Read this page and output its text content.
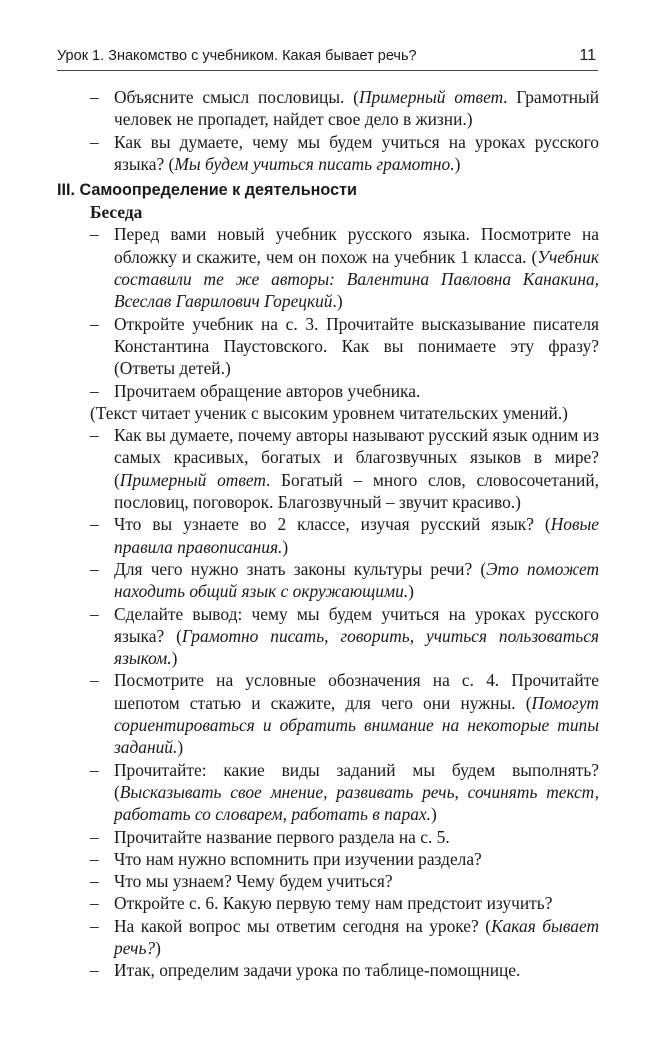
Урок 1. Знакомство с учебником. Какая бывает речь?	11
– Объясните смысл пословицы. (Примерный ответ. Грамотный человек не пропадет, найдет свое дело в жизни.)

– Как вы думаете, чему мы будем учиться на уроках русского языка? (Мы будем учиться писать грамотно.)

III. Самоопределение к деятельности
Беседа
– Перед вами новый учебник русского языка. Посмотрите на обложку и скажите, чем он похож на учебник 1 класса. (Учебник составили те же авторы: Валентина Павловна Канакина, Всеслав Гаврилович Горецкий.)

– Откройте учебник на с. 3. Прочитайте высказывание писателя Константина Паустовского. Как вы понимаете эту фразу? (Ответы детей.)

– Прочитаем обращение авторов учебника.

(Текст читает ученик с высоким уровнем читательских умений.)
– Как вы думаете, почему авторы называют русский язык одним из самых красивых, богатых и благозвучных языков в мире? (Примерный ответ. Богатый – много слов, словосочетаний, пословиц, поговорок. Благозвучный – звучит красиво.)

– Что вы узнаете во 2 классе, изучая русский язык? (Новые правила правописания.)

– Для чего нужно знать законы культуры речи? (Это поможет находить общий язык с окружающими.)

– Сделайте вывод: чему мы будем учиться на уроках русского языка? (Грамотно писать, говорить, учиться пользоваться языком.)

– Посмотрите на условные обозначения на с. 4. Прочитайте шепотом статью и скажите, для чего они нужны. (Помогут сориентироваться и обратить внимание на некоторые типы заданий.)

– Прочитайте: какие виды заданий мы будем выполнять? (Высказывать свое мнение, развивать речь, сочинять текст, работать со словарем, работать в парах.)

– Прочитайте название первого раздела на с. 5.

– Что нам нужно вспомнить при изучении раздела?

– Что мы узнаем? Чему будем учиться?

– Откройте с. 6. Какую первую тему нам предстоит изучить?

– На какой вопрос мы ответим сегодня на уроке? (Какая бывает речь?)

– Итак, определим задачи урока по таблице-помощнице.
